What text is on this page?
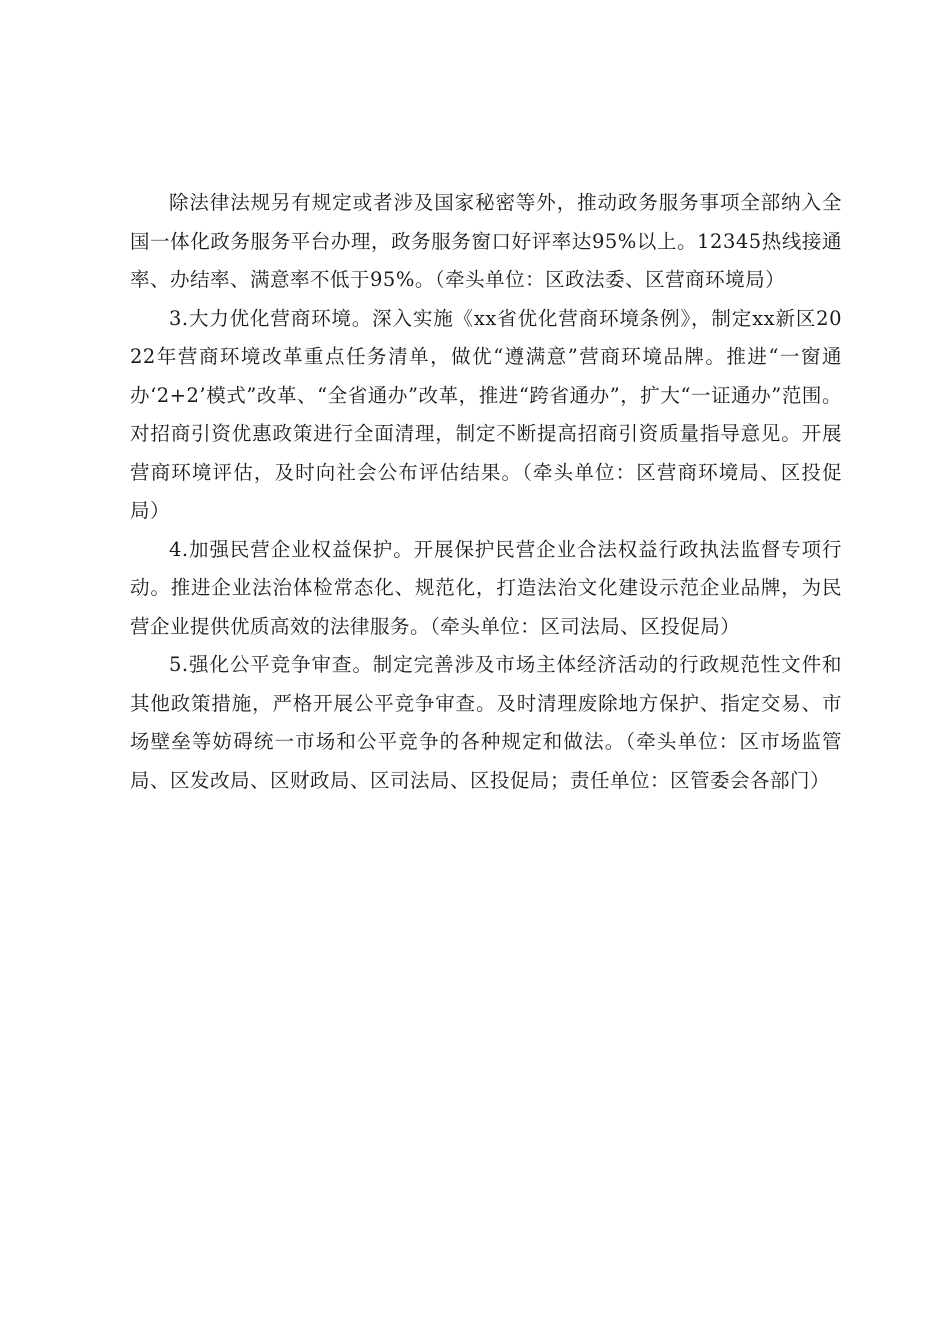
除法律法规另有规定或者涉及国家秘密等外，推动政务服务事项全部纳入全国一体化政务服务平台办理，政务服务窗口好评率达95%以上。12345热线接通率、办结率、满意率不低于95%。（牵头单位：区政法委、区营商环境局）

3.大力优化营商环境。深入实施《xx省优化营商环境条例》，制定xx新区2022年营商环境改革重点任务清单，做优“遵满意”营商环境品牌。推进“一窗通办‘2+2’模式”改革、“全省通办”改革，推进“跨省通办”，扩大“一证通办”范围。对招商引资优惠政策进行全面清理，制定不断提高招商引资质量指导意见。开展营商环境评估，及时向社会公布评估结果。（牵头单位：区营商环境局、区投促局）

4.加强民营企业权益保护。开展保护民营企业合法权益行政执法监督专项行动。推进企业法治体检常态化、规范化，打造法治文化建设示范企业品牌，为民营企业提供优质高效的法律服务。（牵头单位：区司法局、区投促局）

5.强化公平竞争审查。制定完善涉及市场主体经济活动的行政规范性文件和其他政策措施，严格开展公平竞争审查。及时清理废除地方保护、指定交易、市场壁垒等妨碍统一市场和公平竞争的各种规定和做法。（牵头单位：区市场监管局、区发改局、区财政局、区司法局、区投促局；责任单位：区管委会各部门）
